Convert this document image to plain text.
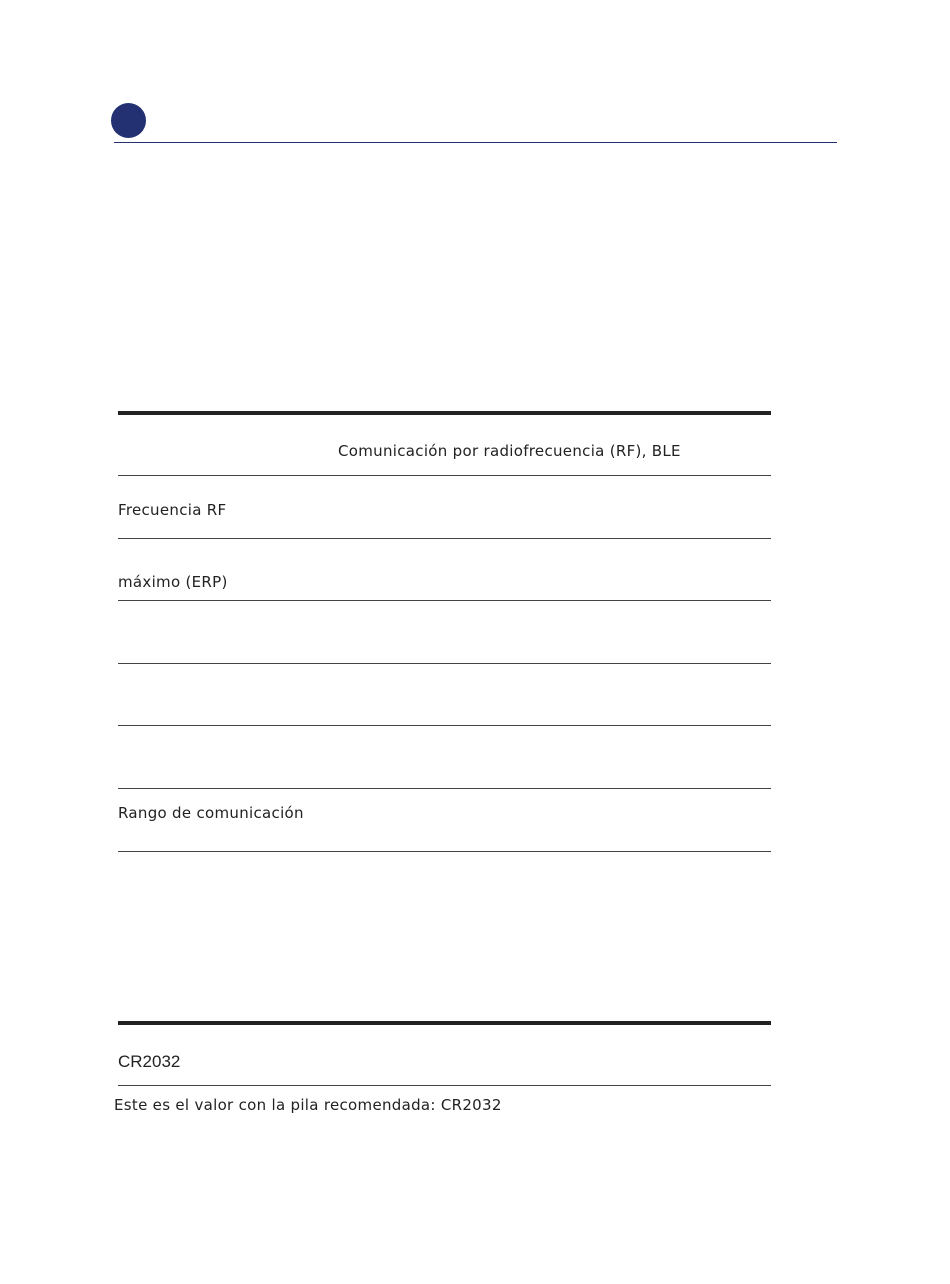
Comunicación por radiofrecuencia (RF), BLE
Frecuencia RF
máximo (ERP)
Rango de comunicación
CR2032
Este es el valor con la pila recomendada: CR2032
